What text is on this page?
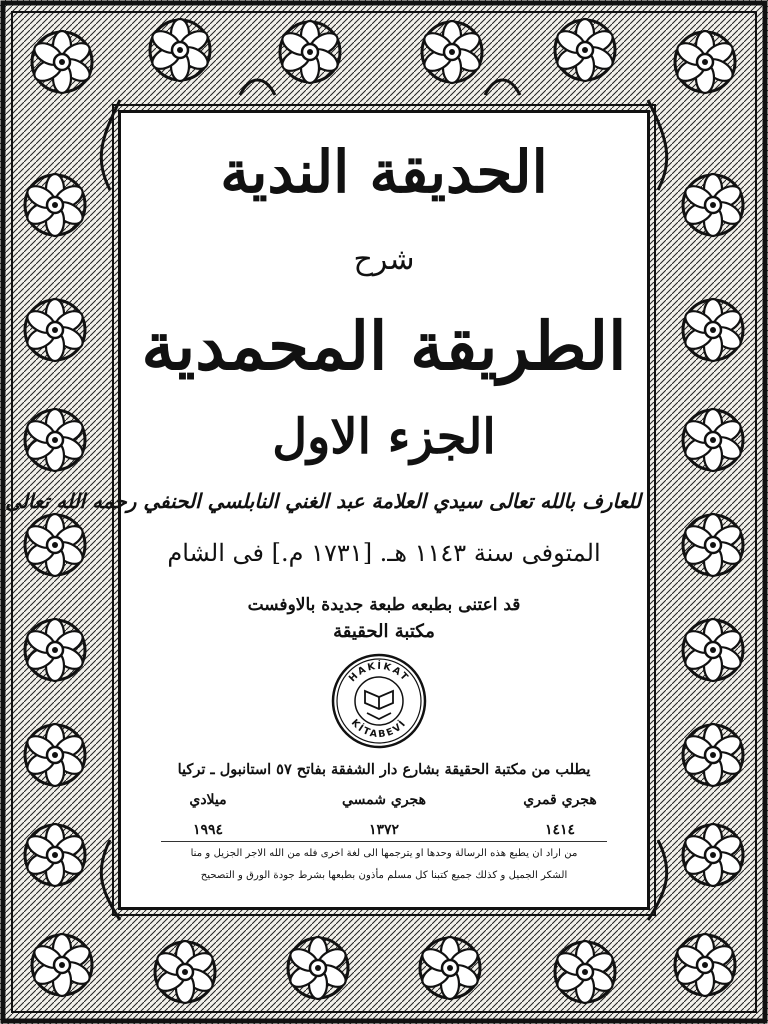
الحديقة الندية
شرح
الطريقة المحمدية
الجزء الاول
للعارف بالله تعالى سيدي العلامة عبد الغني النابلسي الحنفي رحمه الله تعالى
المتوفى سنة ١١٤٣ هـ. [١٧٣١ م.] فى الشام
قد اعتنى بطبعه طبعة جديدة بالاوفست
مكتبة الحقيقة
HAKİKAT
KİTABEVİ
يطلب من مكتبة الحقيقة بشارع دار الشفقة بفاتح ٥٧ استانبول ـ تركيا
هجري قمري
١٤١٤
هجري شمسي
١٣٧٢
ميلادي
١٩٩٤
من اراد ان يطبع هذه الرسالة وحدها او يترجمها الى لغة اخرى فله من الله الاجر الجزيل و منا
الشكر الجميل و كذلك جميع كتبنا كل مسلم مأذون بطبعها بشرط جودة الورق و التصحيح
